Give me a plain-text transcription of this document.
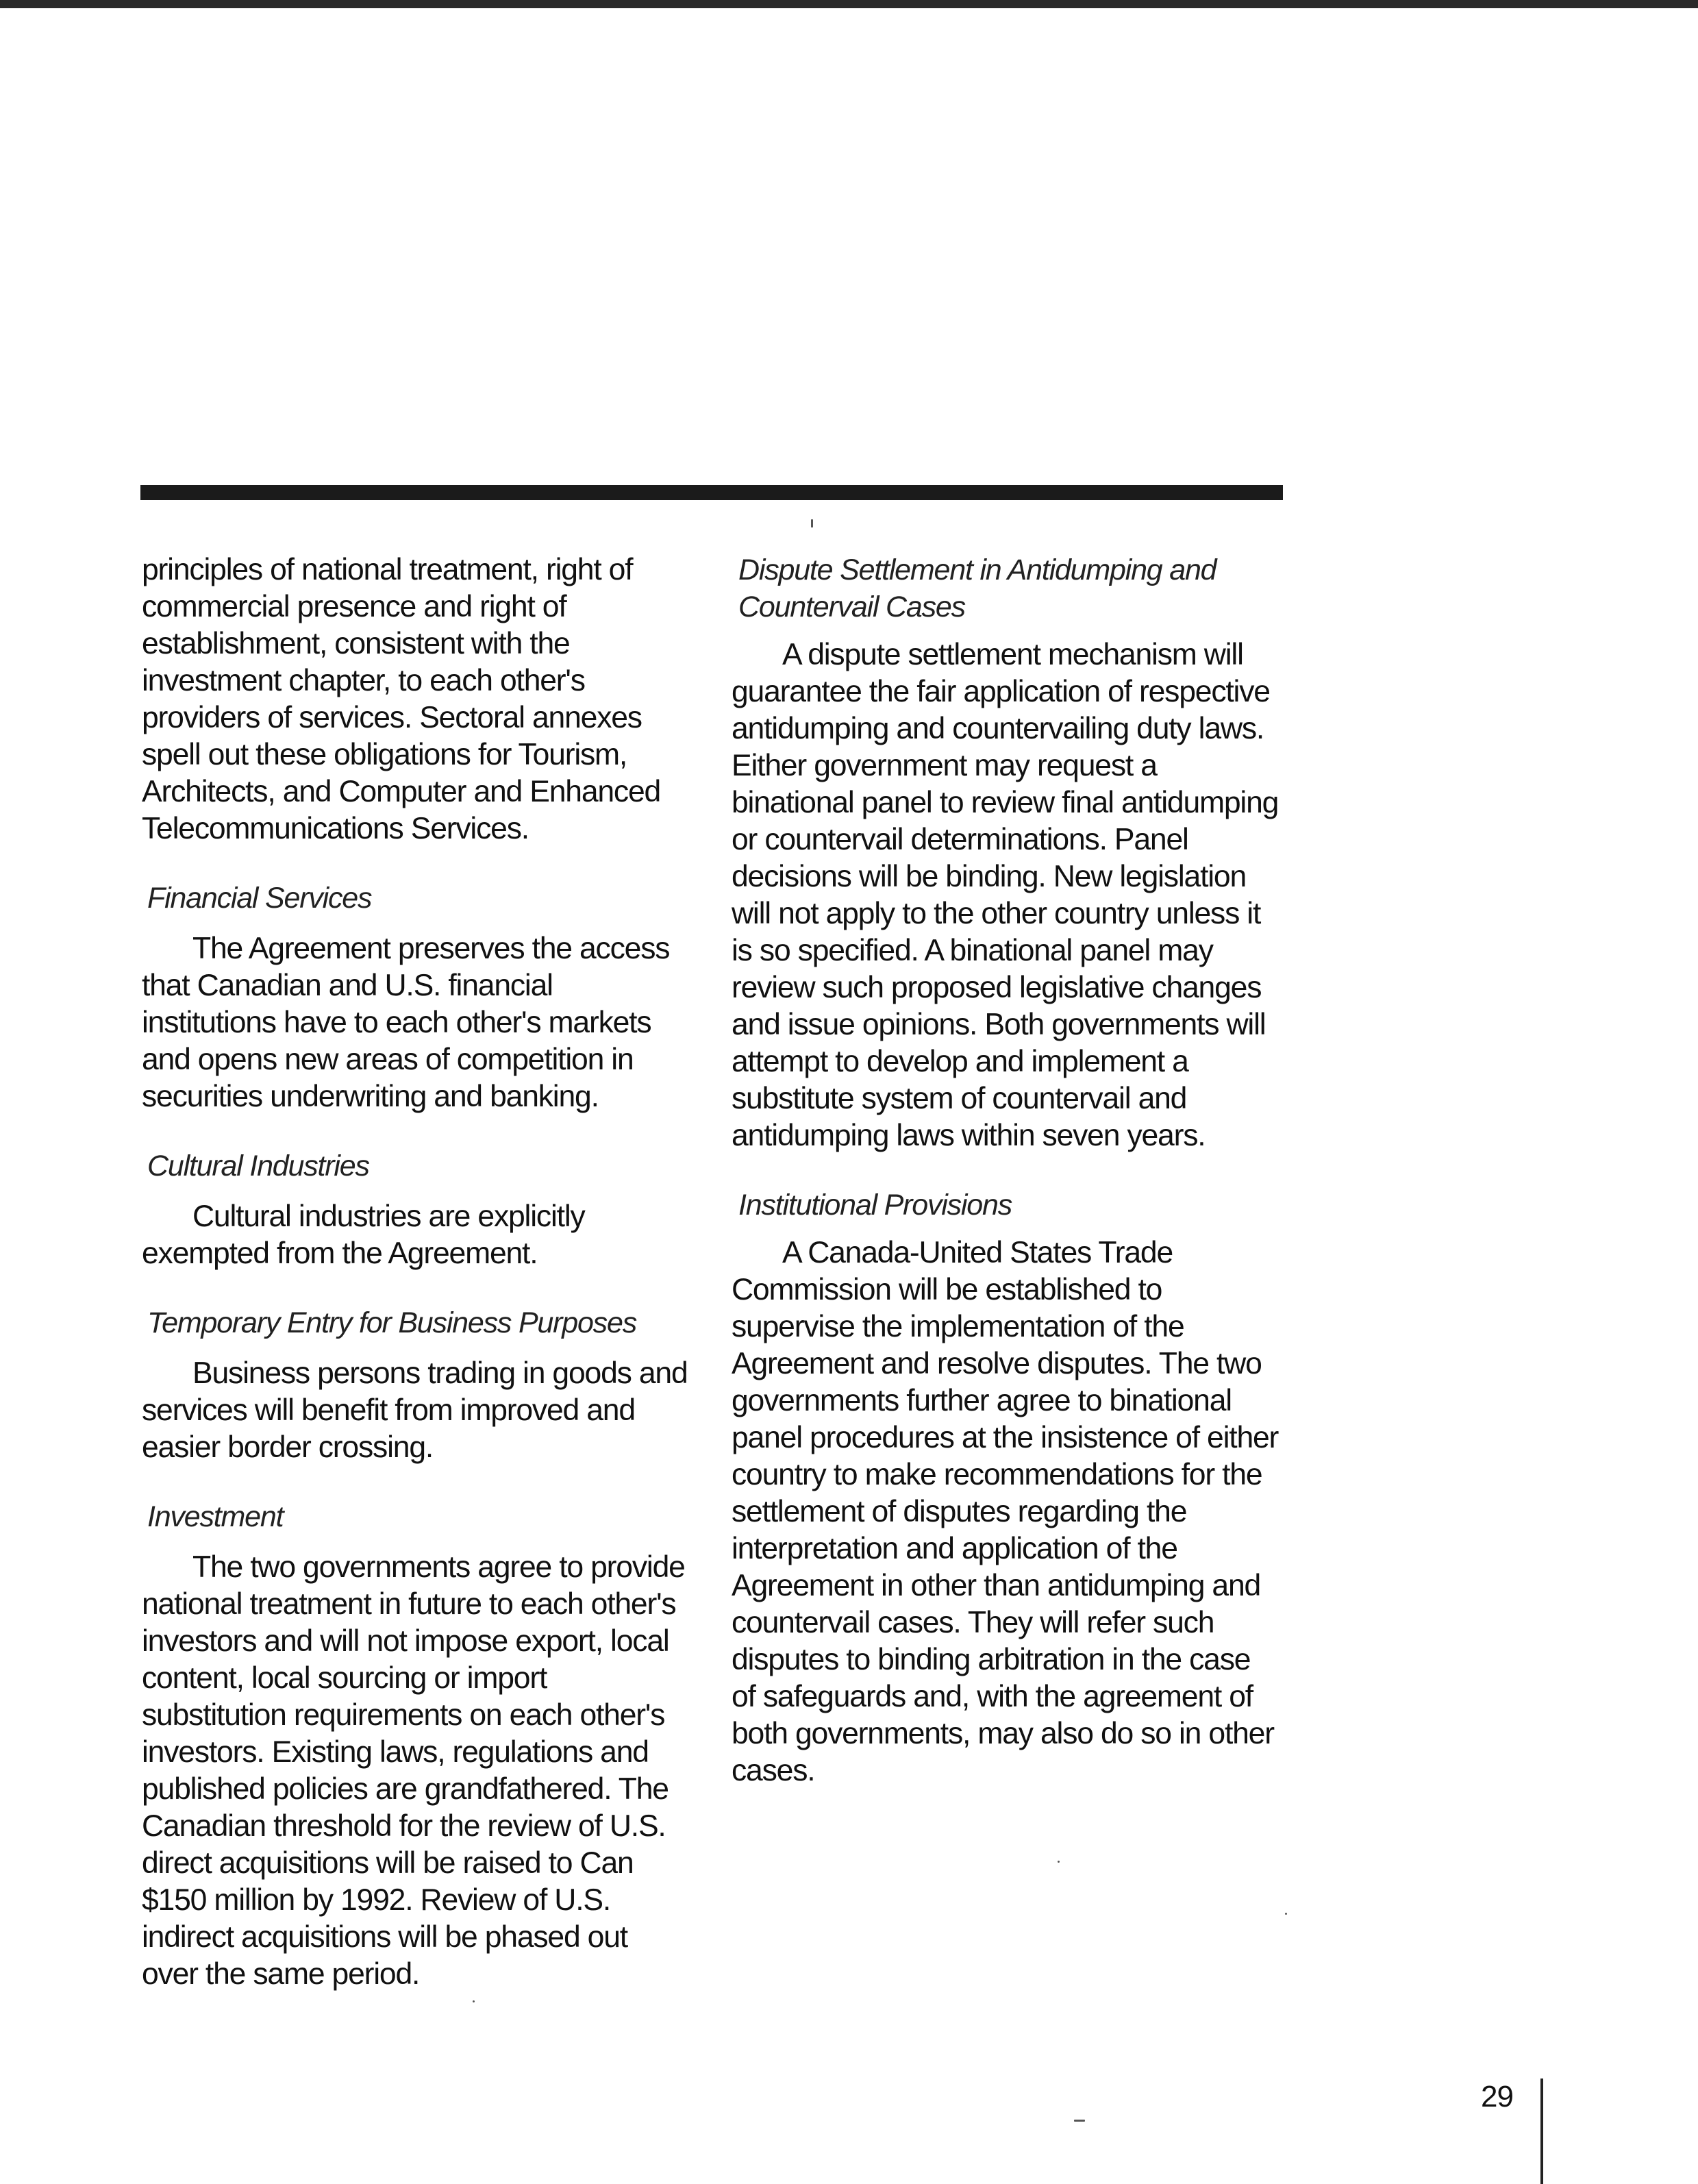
principles of national treatment, right of commercial presence and right of establishment, consistent with the investment chapter, to each other's providers of services. Sectoral annexes spell out these obligations for Tourism, Architects, and Computer and Enhanced Telecommunications Services.

Financial Services

The Agreement preserves the access that Canadian and U.S. financial institutions have to each other's markets and opens new areas of competition in securities underwriting and banking.

Cultural Industries

Cultural industries are explicitly exempted from the Agreement.

Temporary Entry for Business Purposes

Business persons trading in goods and services will benefit from improved and easier border crossing.

Investment

The two governments agree to provide national treatment in future to each other's investors and will not impose export, local content, local sourcing or import substitution requirements on each other's investors. Existing laws, regulations and published policies are grandfathered. The Canadian threshold for the review of U.S. direct acquisitions will be raised to Can $150 million by 1992. Review of U.S. indirect acquisitions will be phased out over the same period.

Dispute Settlement in Antidumping and Countervail Cases

A dispute settlement mechanism will guarantee the fair application of respective antidumping and countervailing duty laws. Either government may request a binational panel to review final antidumping or countervail determinations. Panel decisions will be binding. New legislation will not apply to the other country unless it is so specified. A binational panel may review such proposed legislative changes and issue opinions. Both governments will attempt to develop and implement a substitute system of countervail and antidumping laws within seven years.

Institutional Provisions

A Canada-United States Trade Commission will be established to supervise the implementation of the Agreement and resolve disputes. The two governments further agree to binational panel procedures at the insistence of either country to make recommendations for the settlement of disputes regarding the interpretation and application of the Agreement in other than antidumping and countervail cases. They will refer such disputes to binding arbitration in the case of safeguards and, with the agreement of both governments, may also do so in other cases.

29
